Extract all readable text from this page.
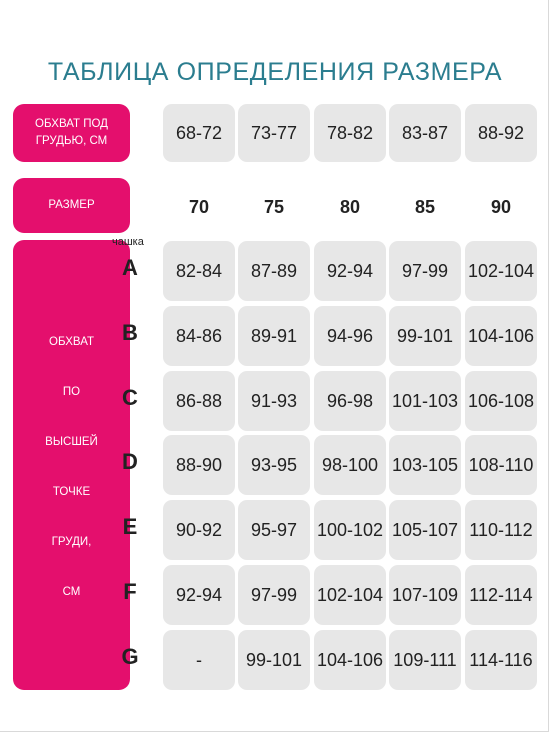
ТАБЛИЦА ОПРЕДЕЛЕНИЯ РАЗМЕРА
ОБХВАТ ПОД
ГРУДЬЮ, СМ
РАЗМЕР
ОБХВАТ
ПО
ВЫСШЕЙ
ТОЧКЕ
ГРУДИ,
СМ
чашка
68-72	73-77	78-82	83-87	88-92
70	75	80	85	90
A	82-84	87-89	92-94	97-99	102-104
B	84-86	89-91	94-96	99-101 104-106
C	86-88	91-93	96-98	101-103 106-108
D	88-90	93-95	98-100 103-105 108-110
E	90-92	95-97	100-102 105-107 110-112
F	92-94	97-99	102-104 107-109 112-114
G	-	99-101 104-106 109-111 114-116
